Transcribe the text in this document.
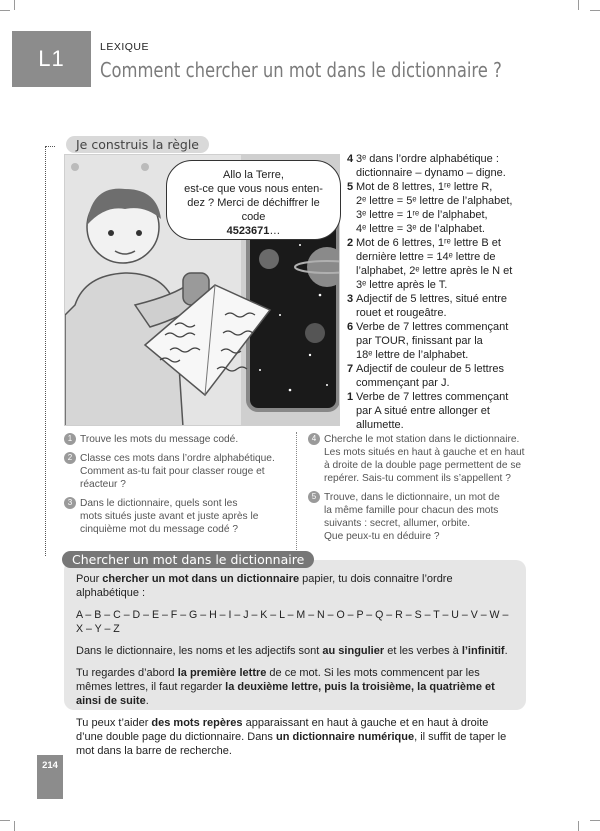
L1	LEXIQUE
Comment chercher un mot dans le dictionnaire ?
Je construis la règle
Allo la Terre,
est-ce que vous nous enten-
dez ? Merci de déchiffrer le code
4523671…
4 3ᵉ dans l’ordre alphabétique :
dictionnaire – dynamo – digne.
5 Mot de 8 lettres, 1ʳᵉ lettre R,
2ᵉ lettre = 5ᵉ lettre de l’alphabet,
3ᵉ lettre = 1ʳᵉ de l’alphabet,
4ᵉ lettre = 3ᵉ de l’alphabet.
2 Mot de 6 lettres, 1ʳᵉ lettre B et
dernière lettre = 14ᵉ lettre de
l’alphabet, 2ᵉ lettre après le N et
3ᵉ lettre après le T.
3 Adjectif de 5 lettres, situé entre
rouet et rougeâtre.
6 Verbe de 7 lettres commençant
par TOUR, finissant par la
18ᵉ lettre de l’alphabet.
7 Adjectif de couleur de 5 lettres
commençant par J.
1 Verbe de 7 lettres commençant
par A situé entre allonger et
allumette.
1 Trouve les mots du message codé.
2 Classe ces mots dans l’ordre alphabétique.
Comment as-tu fait pour classer rouge et
réacteur ?
3 Dans le dictionnaire, quels sont les
mots situés juste avant et juste après le
cinquième mot du message codé ?
4 Cherche le mot station dans le dictionnaire.
Les mots situés en haut à gauche et en haut
à droite de la double page permettent de se
repérer. Sais-tu comment ils s’appellent ?
5 Trouve, dans le dictionnaire, un mot de
la même famille pour chacun des mots
suivants : secret, allumer, orbite.
Que peux-tu en déduire ?

Pour chercher un mot dans un dictionnaire papier, tu dois connaitre l’ordre alphabétique :

A – B – C – D – E – F – G – H – I – J – K – L – M – N – O – P – Q – R – S – T – U – V – W – X – Y – Z

Dans le dictionnaire, les noms et les adjectifs sont au singulier et les verbes à l’infinitif.

Tu regardes d’abord la première lettre de ce mot. Si les mots commencent par les mêmes lettres, il faut regarder la deuxième lettre, puis la troisième, la quatrième et ainsi de suite.

Tu peux t’aider des mots repères apparaissant en haut à gauche et en haut à droite d’une double page du dictionnaire. Dans un dictionnaire numérique, il suffit de taper le mot dans la barre de recherche.

Chercher un mot dans le dictionnaire
214
